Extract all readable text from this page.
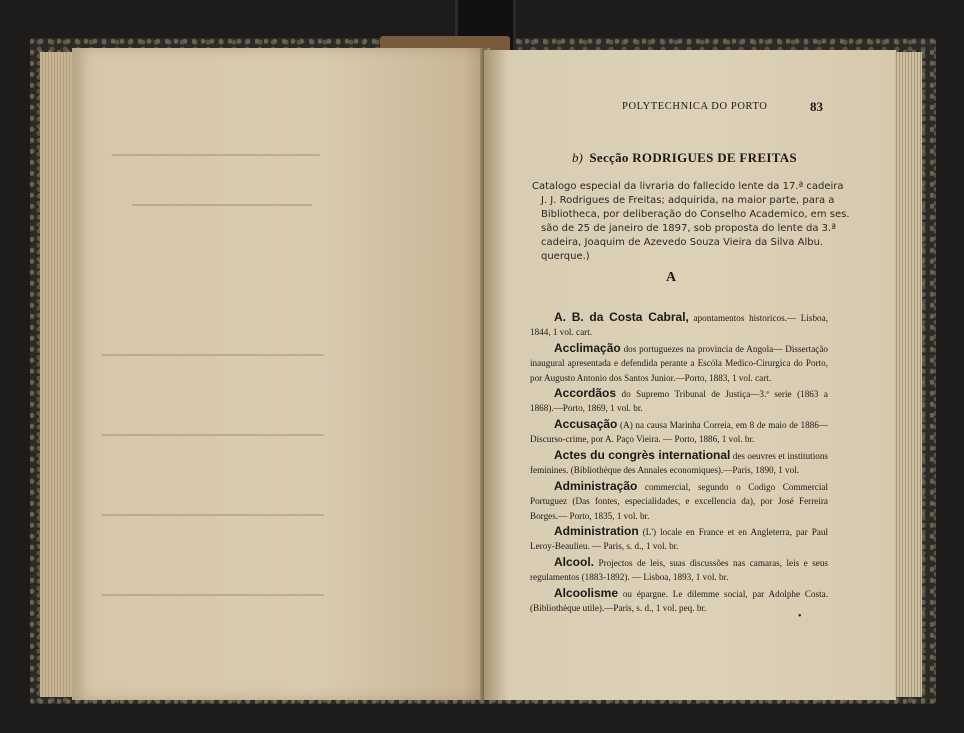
━━━━━━━━━━━━━━━━━━━━━━━━━━━━━━
━━━━━━━━━━━━━━━━━━━━━━━━━━
━━━━━━━━━━━━━━━━━━━━━━━━━━━━━━━━
━━━━━━━━━━━━━━━━━━━━━━━━━━━━━━━━
━━━━━━━━━━━━━━━━━━━━━━━━━━━━━━━━
━━━━━━━━━━━━━━━━━━━━━━━━━━━━━━━━
POLYTECHNICA DO PORTO	83
b) Secção RODRIGUES DE FREITAS
Catalogo especial da livraria do fallecido lente da 17.ª cadeira
J. J. Rodrigues de Freitas; adquirida, na maior parte, para a
Bibliotheca, por deliberação do Conselho Academico, em ses.
são de 25 de janeiro de 1897, sob proposta do lente da 3.ª
cadeira, Joaquim de Azevedo Souza Vieira da Silva Albu.
querque.)
A
A. B. da Costa Cabral, apontamentos historicos.— Lisboa, 1844, 1 vol. cart.
Acclimação dos portuguezes na provincia de Angola— Dissertação inaugural apresentada e defendida perante a Escóla Medico-Cirurgica do Porto, por Augusto Antonio dos Santos Junior.—Porto, 1883, 1 vol. cart.
Accordãos do Supremo Tribunal de Justiça—3.ª serie (1863 a 1868).—Porto, 1869, 1 vol. br.
Accusação (A) na causa Marinha Correia, em 8 de maio de 1886—Discurso-crime, por A. Paço Vieira. — Porto, 1886, 1 vol. br.
Actes du congrès international des oeuvres et institutions feminines. (Bibliothèque des Annales economiques).—Paris, 1890, 1 vol.
Administração commercial, segundo o Codigo Commercial Portuguez (Das fontes, especialidades, e excellencia da), por José Ferreira Borges.— Porto, 1835, 1 vol. br.
Administration (L') locale en France et en Angleterra, par Paul Leroy-Beaulieu. — Paris, s. d., 1 vol. br.
Alcool. Projectos de leis, suas discussões nas camaras, leis e seus regulamentos (1883-1892). — Lisboa, 1893, 1 vol. br.
Alcoolisme ou épargne. Le dilemme social, par Adolphe Costa. (Bibliothèque utile).—Paris, s. d., 1 vol. peq. br.
•
